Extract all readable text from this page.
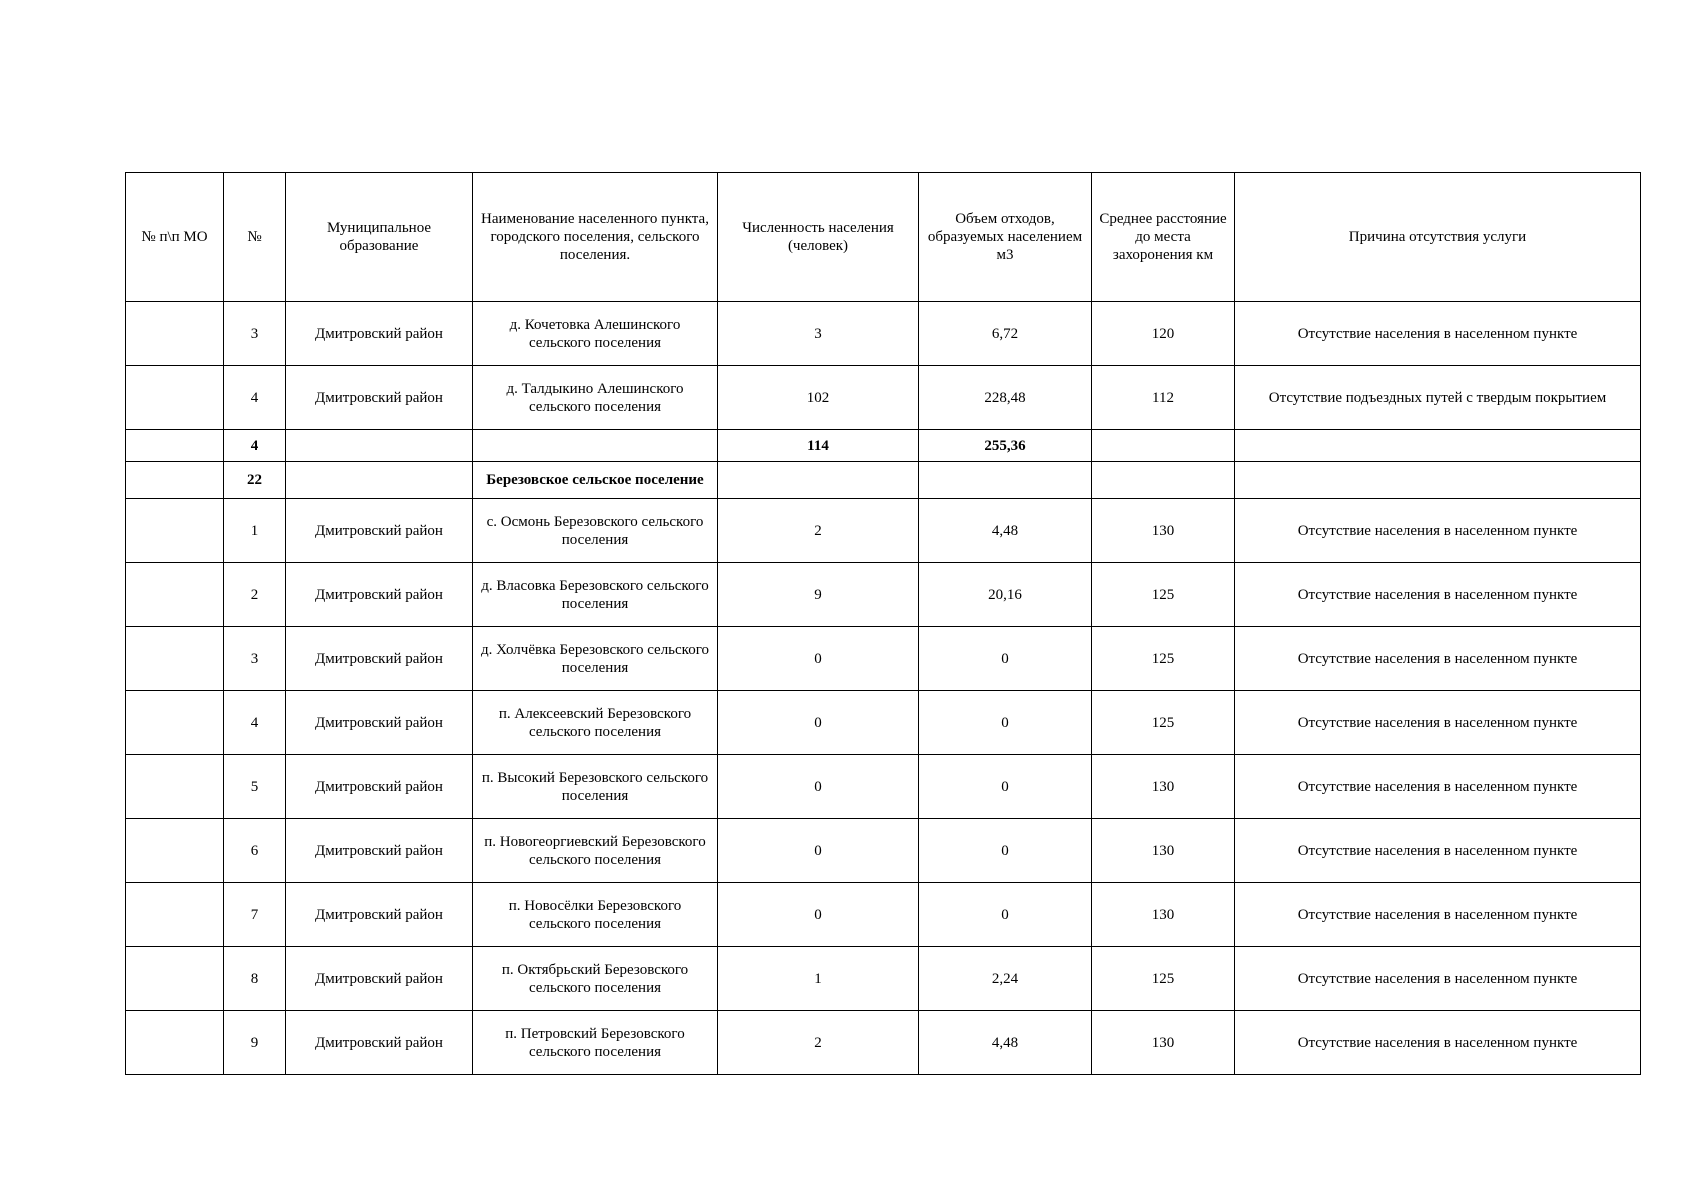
№ п\п МО	№	Муниципальное образование	Наименование населенного пункта, городского поселения, сельского поселения.	Численность населения (человек)	Объем отходов, образуемых населением м3	Среднее расстояние до места захоронения км	Причина отсутствия услуги
	3	Дмитровский район	д. Кочетовка Алешинского сельского поселения	3	6,72	120	Отсутствие населения в населенном пункте
	4	Дмитровский район	д. Талдыкино Алешинского сельского поселения	102	228,48	112	Отсутствие подъездных путей с твердым покрытием
	4			114	255,36		
	22		Березовское сельское поселение				
	1	Дмитровский район	с. Осмонь Березовского сельского поселения	2	4,48	130	Отсутствие населения в населенном пункте
	2	Дмитровский район	д. Власовка Березовского сельского поселения	9	20,16	125	Отсутствие населения в населенном пункте
	3	Дмитровский район	д. Холчёвка Березовского сельского поселения	0	0	125	Отсутствие населения в населенном пункте
	4	Дмитровский район	п. Алексеевский Березовского сельского поселения	0	0	125	Отсутствие населения в населенном пункте
	5	Дмитровский район	п. Высокий Березовского сельского поселения	0	0	130	Отсутствие населения в населенном пункте
	6	Дмитровский район	п. Новогеоргиевский Березовского сельского поселения	0	0	130	Отсутствие населения в населенном пункте
	7	Дмитровский район	п. Новосёлки Березовского сельского поселения	0	0	130	Отсутствие населения в населенном пункте
	8	Дмитровский район	п. Октябрьский Березовского сельского поселения	1	2,24	125	Отсутствие населения в населенном пункте
	9	Дмитровский район	п. Петровский Березовского сельского поселения	2	4,48	130	Отсутствие населения в населенном пункте
